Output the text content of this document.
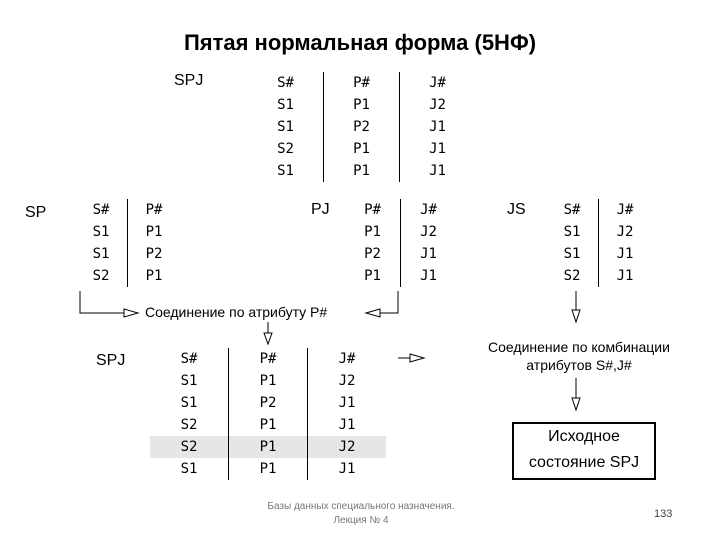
Пятая нормальная форма (5НФ)
SPJ	S#	P#	J#
S1	P1	J2
S1	P2	J1
S2	P1	J1
S1	P1	J1
SP	S#	P#
S1	P1
S1	P2
S2	P1
PJ P#	J#
P1	J2
P2	J1
P1	J1
JS	S#	J#
S1	J2
S1	J1
S2	J1
Соединение по атрибуту P#
SPJ	S#	P#	J#
S1	P1	J2
S1	P2	J1
S2	P1	J1
S2	P1	J2
S1	P1	J1
Соединение по комбинации атрибутов S#,J#
Исходное
состояние SPJ
Базы данных специального назначения.
Лекция № 4
133
